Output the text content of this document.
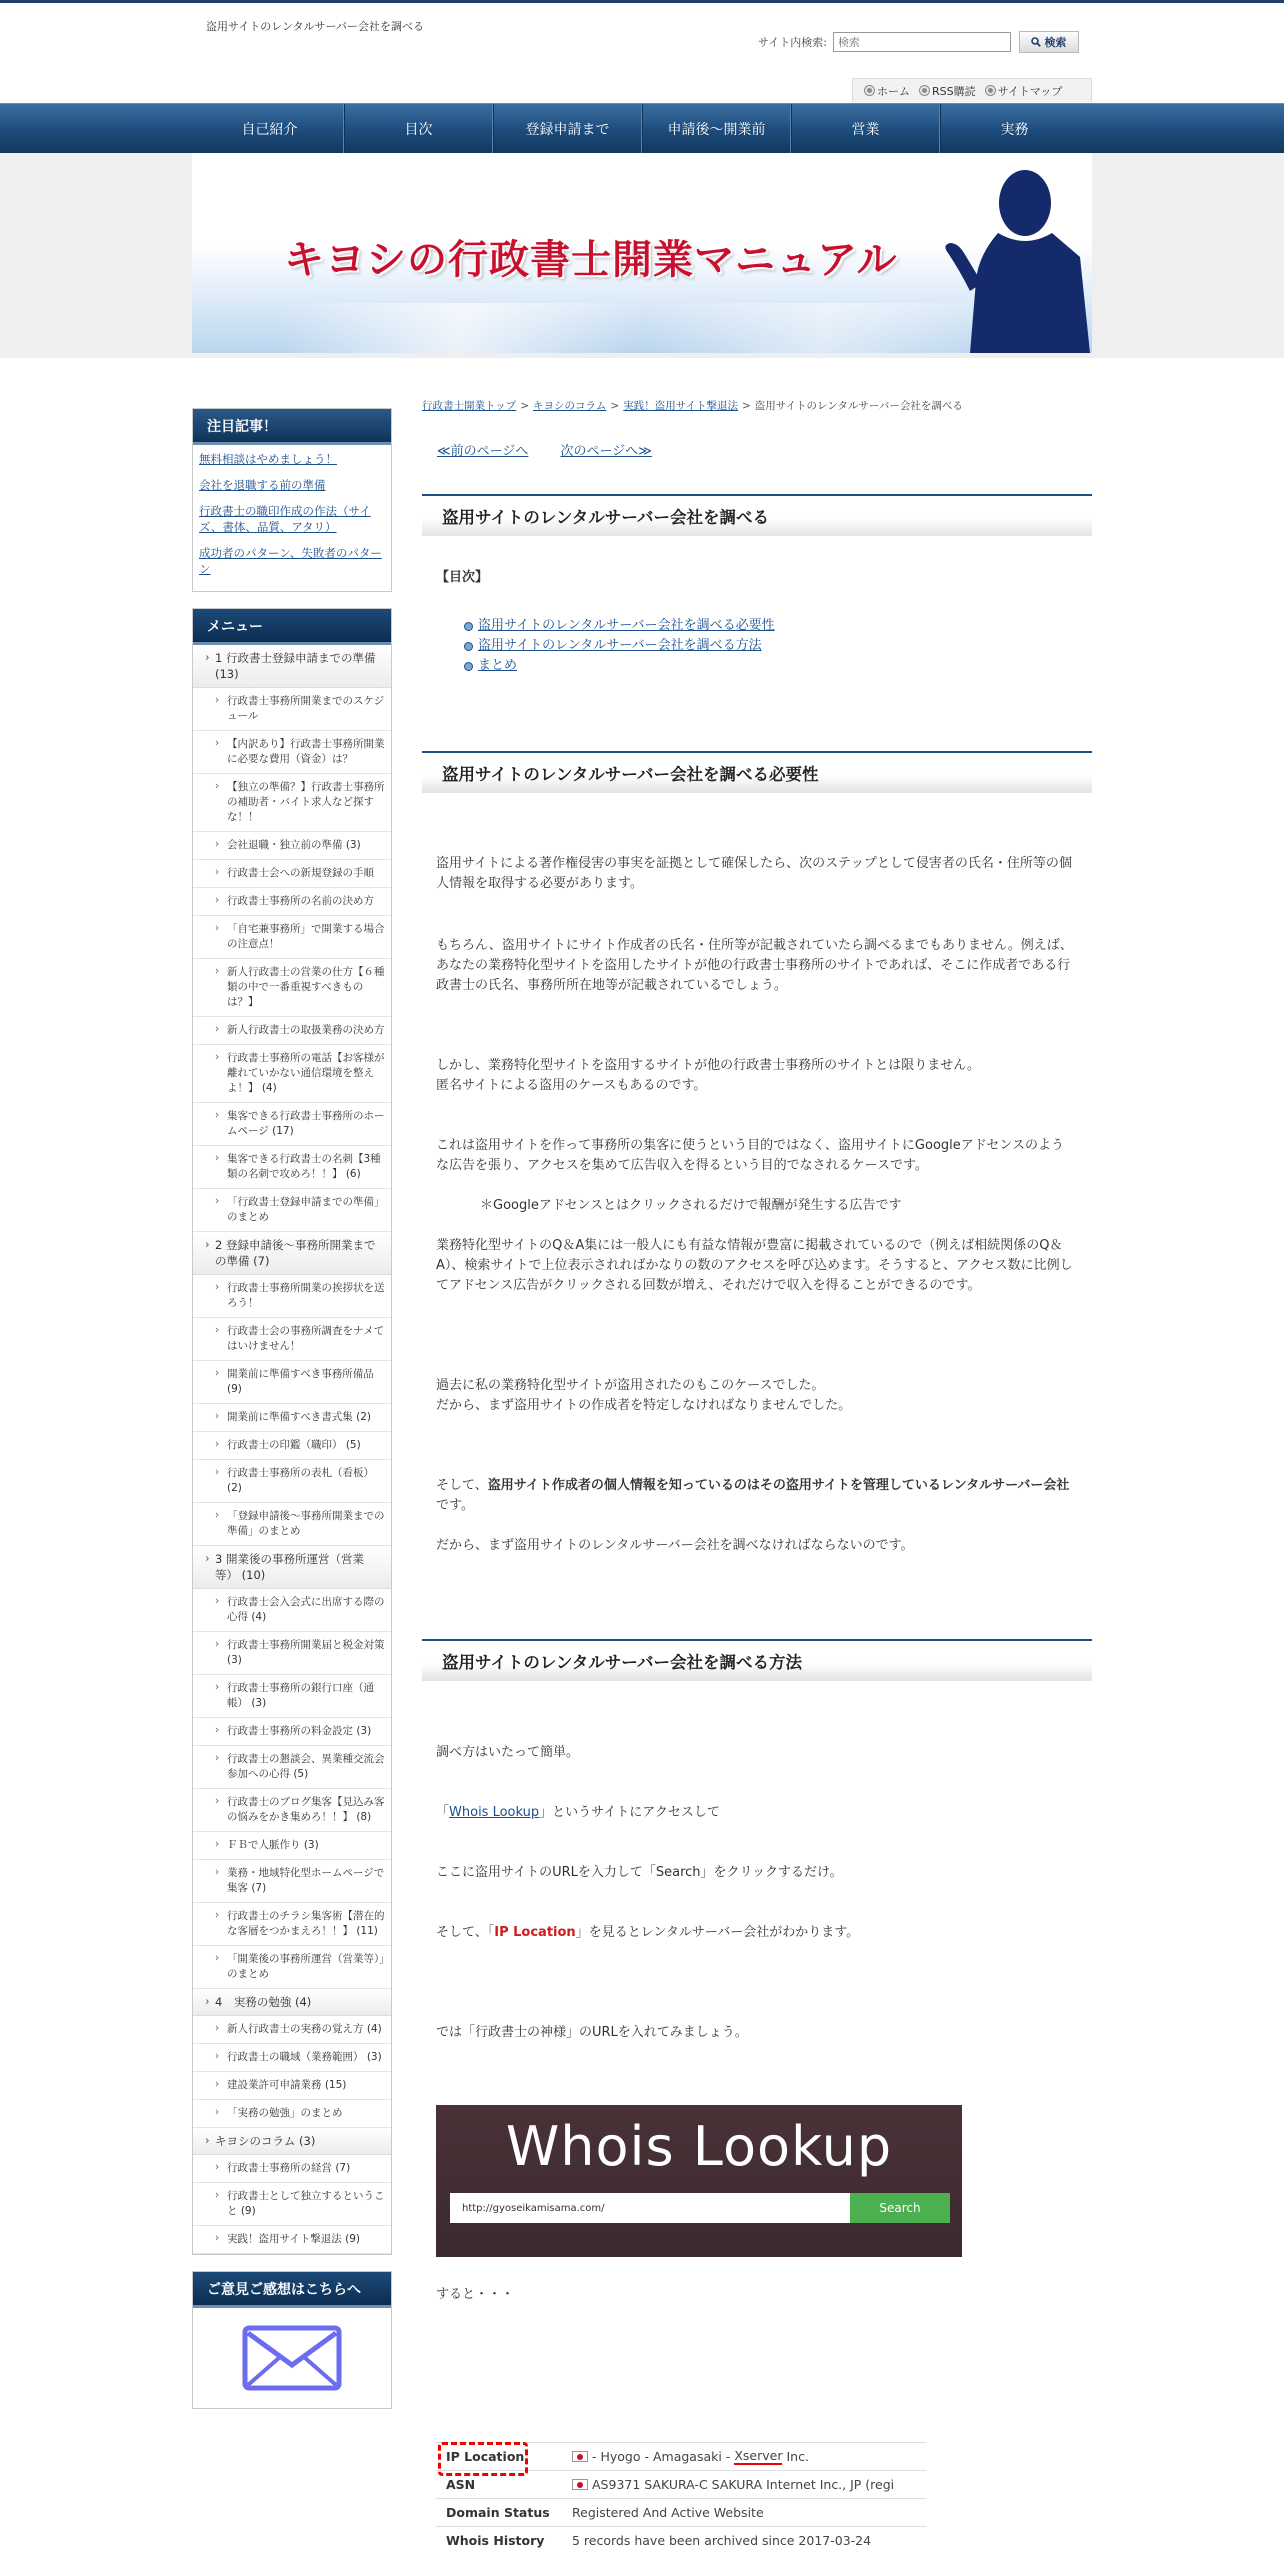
盗用サイトのレンタルサーバー会社を調べる
サイト内検索:
検索	検索
ホーム RSS購読 サイトマップ
自己紹介	目次	登録申請まで	申請後～開業前	営業	実務
キヨシの行政書士開業マニュアル
注目記事！
無料相談はやめましょう！
会社を退職する前の準備
行政書士の職印作成の作法（サイズ、書体、品質、アタリ）
成功者のパターン、失敗者のパターン
メニュー
› 1 行政書士登録申請までの準備 (13)
› 行政書士事務所開業までのスケジュール
› 【内訳あり】行政書士事務所開業に必要な費用（資金）は？
› 【独立の準備？】行政書士事務所の補助者・バイト求人など探すな！！
› 会社退職・独立前の準備 (3)
› 行政書士会への新規登録の手順
› 行政書士事務所の名前の決め方
› 「自宅兼事務所」で開業する場合の注意点！
› 新人行政書士の営業の仕方【６種類の中で一番重視すべきものは？】
› 新人行政書士の取扱業務の決め方
› 行政書士事務所の電話【お客様が離れていかない通信環境を整えよ！】 (4)
› 集客できる行政書士事務所のホームページ (17)
› 集客できる行政書士の名刺【3種類の名刺で攻めろ！！】 (6)
› 「行政書士登録申請までの準備」のまとめ
› 2 登録申請後～事務所開業までの準備 (7)
› 行政書士事務所開業の挨拶状を送ろう！
› 行政書士会の事務所調査をナメてはいけません！
› 開業前に準備すべき事務所備品 (9)
› 開業前に準備すべき書式集 (2)
› 行政書士の印鑑（職印） (5)
› 行政書士事務所の表札（看板） (2)
› 「登録申請後～事務所開業までの準備」のまとめ
› 3 開業後の事務所運営（営業等） (10)
› 行政書士会入会式に出席する際の心得 (4)
› 行政書士事務所開業届と税金対策 (3)
› 行政書士事務所の銀行口座（通帳） (3)
› 行政書士事務所の料金設定 (3)
› 行政書士の懇談会、異業種交流会参加への心得 (5)
› 行政書士のブログ集客【見込み客の悩みをかき集めろ！！】 (8)
› ＦＢで人脈作り (3)
› 業務・地域特化型ホームページで集客 (7)
› 行政書士のチラシ集客術【潜在的な客層をつかまえろ！！】 (11)
› 「開業後の事務所運営（営業等）」のまとめ
› 4　実務の勉強 (4)
› 新人行政書士の実務の覚え方 (4)
› 行政書士の職域（業務範囲） (3)
› 建設業許可申請業務 (15)
› 「実務の勉強」のまとめ
› キヨシのコラム (3)
› 行政書士事務所の経営 (7)
› 行政書士として独立するということ (9)
› 実践！盗用サイト撃退法 (9)
ご意見ご感想はこちらへ
行政書士開業トップ > キヨシのコラム > 実践！盗用サイト撃退法 > 盗用サイトのレンタルサーバー会社を調べる
≪前のページへ 次のページへ≫
盗用サイトのレンタルサーバー会社を調べる
【目次】
盗用サイトのレンタルサーバー会社を調べる必要性
盗用サイトのレンタルサーバー会社を調べる方法
まとめ
盗用サイトのレンタルサーバー会社を調べる必要性
盗用サイトによる著作権侵害の事実を証拠として確保したら、次のステップとして侵害者の氏名・住所等の個人情報を取得する必要があります。
もちろん、盗用サイトにサイト作成者の氏名・住所等が記載されていたら調べるまでもありません。例えば、あなたの業務特化型サイトを盗用したサイトが他の行政書士事務所のサイトであれば、そこに作成者である行政書士の氏名、事務所所在地等が記載されているでしょう。
しかし、業務特化型サイトを盗用するサイトが他の行政書士事務所のサイトとは限りません。
匿名サイトによる盗用のケースもあるのです。
これは盗用サイトを作って事務所の集客に使うという目的ではなく、盗用サイトにGoogleアドセンスのような広告を張り、アクセスを集めて広告収入を得るという目的でなされるケースです。
＊Googleアドセンスとはクリックされるだけで報酬が発生する広告です
業務特化型サイトのQ＆A集には一般人にも有益な情報が豊富に掲載されているので（例えば相続関係のQ＆A）、検索サイトで上位表示されればかなりの数のアクセスを呼び込めます。そうすると、アクセス数に比例してアドセンス広告がクリックされる回数が増え、それだけで収入を得ることができるのです。
過去に私の業務特化型サイトが盗用されたのもこのケースでした。
だから、まず盗用サイトの作成者を特定しなければなりませんでした。
そして、盗用サイト作成者の個人情報を知っているのはその盗用サイトを管理しているレンタルサーバー会社です。
だから、まず盗用サイトのレンタルサーバー会社を調べなければならないのです。
盗用サイトのレンタルサーバー会社を調べる方法
調べ方はいたって簡単。
「Whois Lookup」というサイトにアクセスして
ここに盗用サイトのURLを入力して「Search」をクリックするだけ。
そして、「IP Location」を見るとレンタルサーバー会社がわかります。
では「行政書士の神様」のURLを入れてみましょう。
すると・・・
Whois Lookup
http://gyoseikamisama.com/	Search
IP Location	- Hyogo - Amagasaki - Xserver Inc.
ASN	AS9371 SAKURA-C SAKURA Internet Inc., JP (regi
Domain Status	Registered And Active Website
Whois History	5 records have been archived since 2017-03-24
